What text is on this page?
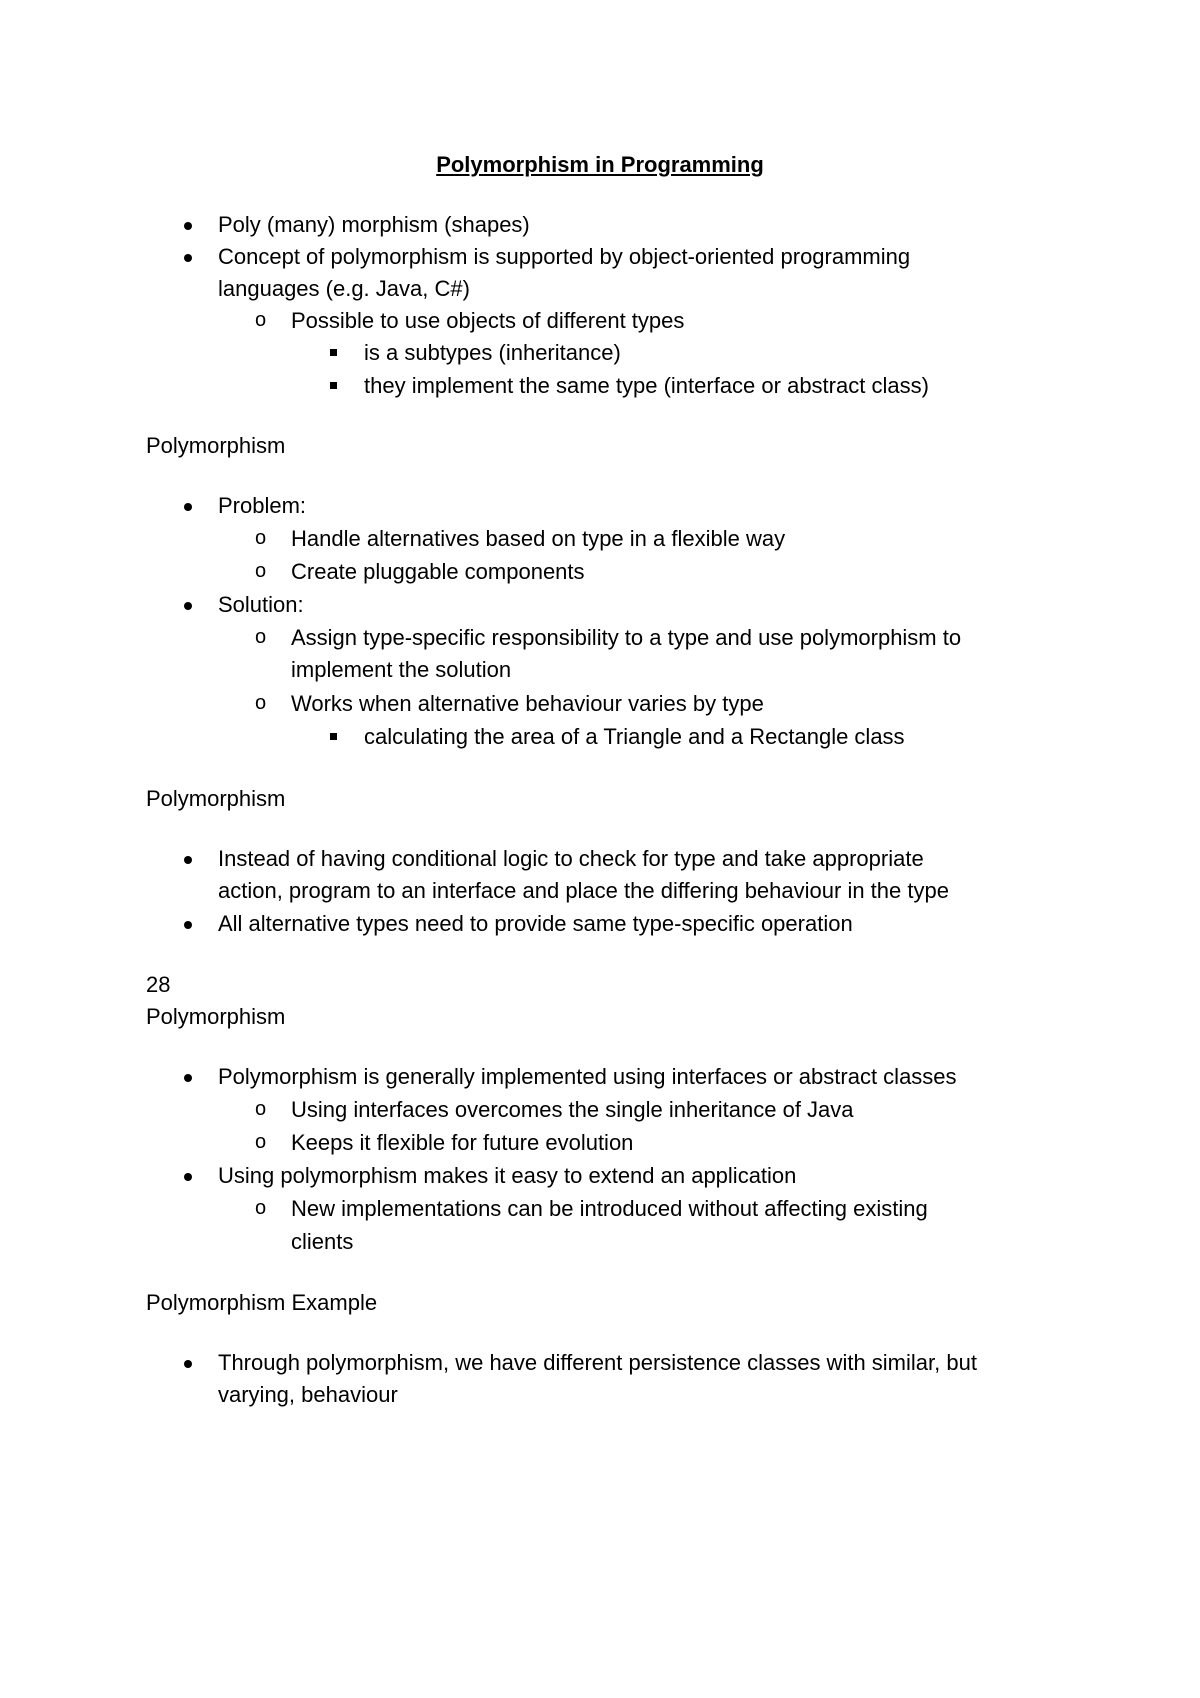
Polymorphism in Programming
Poly (many) morphism (shapes)
Concept of polymorphism is supported by object-oriented programming
languages (e.g. Java, C#)
o Possible to use objects of different types
is a subtypes (inheritance)
they implement the same type (interface or abstract class)
Polymorphism
Problem:
o Handle alternatives based on type in a flexible way
o Create pluggable components
Solution:
o Assign type-specific responsibility to a type and use polymorphism to
implement the solution
o Works when alternative behaviour varies by type
calculating the area of a Triangle and a Rectangle class
Polymorphism
Instead of having conditional logic to check for type and take appropriate
action, program to an interface and place the differing behaviour in the type
All alternative types need to provide same type-specific operation
28
Polymorphism
Polymorphism is generally implemented using interfaces or abstract classes
o Using interfaces overcomes the single inheritance of Java
o Keeps it flexible for future evolution
Using polymorphism makes it easy to extend an application
o New implementations can be introduced without affecting existing
clients
Polymorphism Example
Through polymorphism, we have different persistence classes with similar, but
varying, behaviour
